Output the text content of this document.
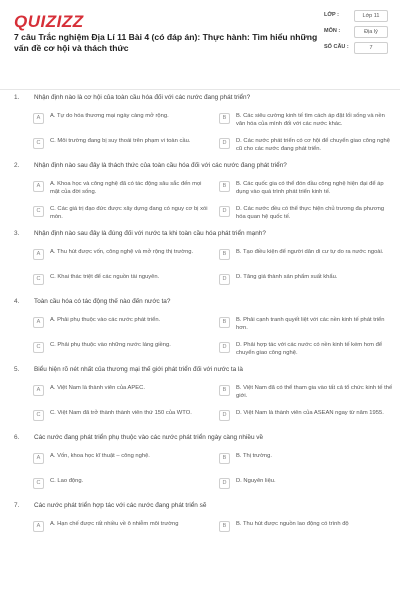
QUIZIZZ
7 câu Trắc nghiệm Địa Lí 11 Bài 4 (có đáp án): Thực hành: Tìm hiểu những vấn đề cơ hội và thách thức
LỚP :	Lớp 11
MÔN :	Địa lý
SỐ CÂU :	7
1.	Nhận định nào là cơ hội của toàn cầu hóa đối với các nước đang phát triển?
A	A. Tự do hóa thương mại ngày càng mở rộng.	B	B. Các siêu cường kinh tế tìm cách áp đặt lối sống và nền văn hóa của mình đối với các nước khác.
C	C. Môi trường đang bị suy thoái trên phạm vi toàn cầu.	D	D. Các nước phát triển có cơ hội để chuyển giao công nghệ cũ cho các nước đang phát triển.
2.	Nhận định nào sau đây là thách thức của toàn cầu hóa đối với các nước đang phát triển?
A	A. Khoa học và công nghệ đã có tác động sâu sắc đến mọi mặt của đời sống.
B	B. Các quốc gia có thể đón đầu công nghệ hiện đại để áp dụng vào quá trình phát triển kinh tế.
C	C. Các giá trị đạo đức được xây dựng đang có nguy cơ bị xói mòn.
D	D. Các nước đều có thể thực hiện chủ trương đa phương hóa quan hệ quốc tế.
3.	Nhận định nào sau đây là đúng đối với nước ta khi toàn cầu hóa phát triển mạnh?
A	A. Thu hút được vốn, công nghệ và mở rộng thị trường.	B	B. Tạo điều kiện để người dân di cư tự do ra nước ngoài.
C	C. Khai thác triệt để các nguồn tài nguyên.	D	D. Tăng giá thành sản phẩm xuất khẩu.
4.	Toàn cầu hóa có tác động thế nào đến nước ta?
A	A. Phải phụ thuộc vào các nước phát triển.	B	B. Phải cạnh tranh quyết liệt với các nền kinh tế phát triển hơn.
C	C. Phải phụ thuộc vào những nước láng giềng.	D	D. Phải hợp tác với các nước có nền kinh tế kém hơn để chuyển giao công nghệ.
5.	Biểu hiện rõ nét nhất của thương mại thế giới phát triển đối với nước ta là
A	A. Việt Nam là thành viên của APEC.	B	B. Việt Nam đã có thể tham gia vào tất cả tổ chức kinh tế thế giới.
C	C. Việt Nam đã trở thành thành viên thứ 150 của WTO.	D	D. Việt Nam là thành viên của ASEAN ngay từ năm 1955.
6.	Các nước đang phát triển phụ thuộc vào các nước phát triển ngày càng nhiều về
A	A. Vốn, khoa học kĩ thuật – công nghệ.	B	B. Thị trường.
C	C. Lao động.	D	D. Nguyên liệu.
7.	Các nước phát triển hợp tác với các nước đang phát triển sẽ
A	A. Hạn chế được rất nhiều về ô nhiễm môi trường	B	B. Thu hút được nguồn lao động có trình độ
